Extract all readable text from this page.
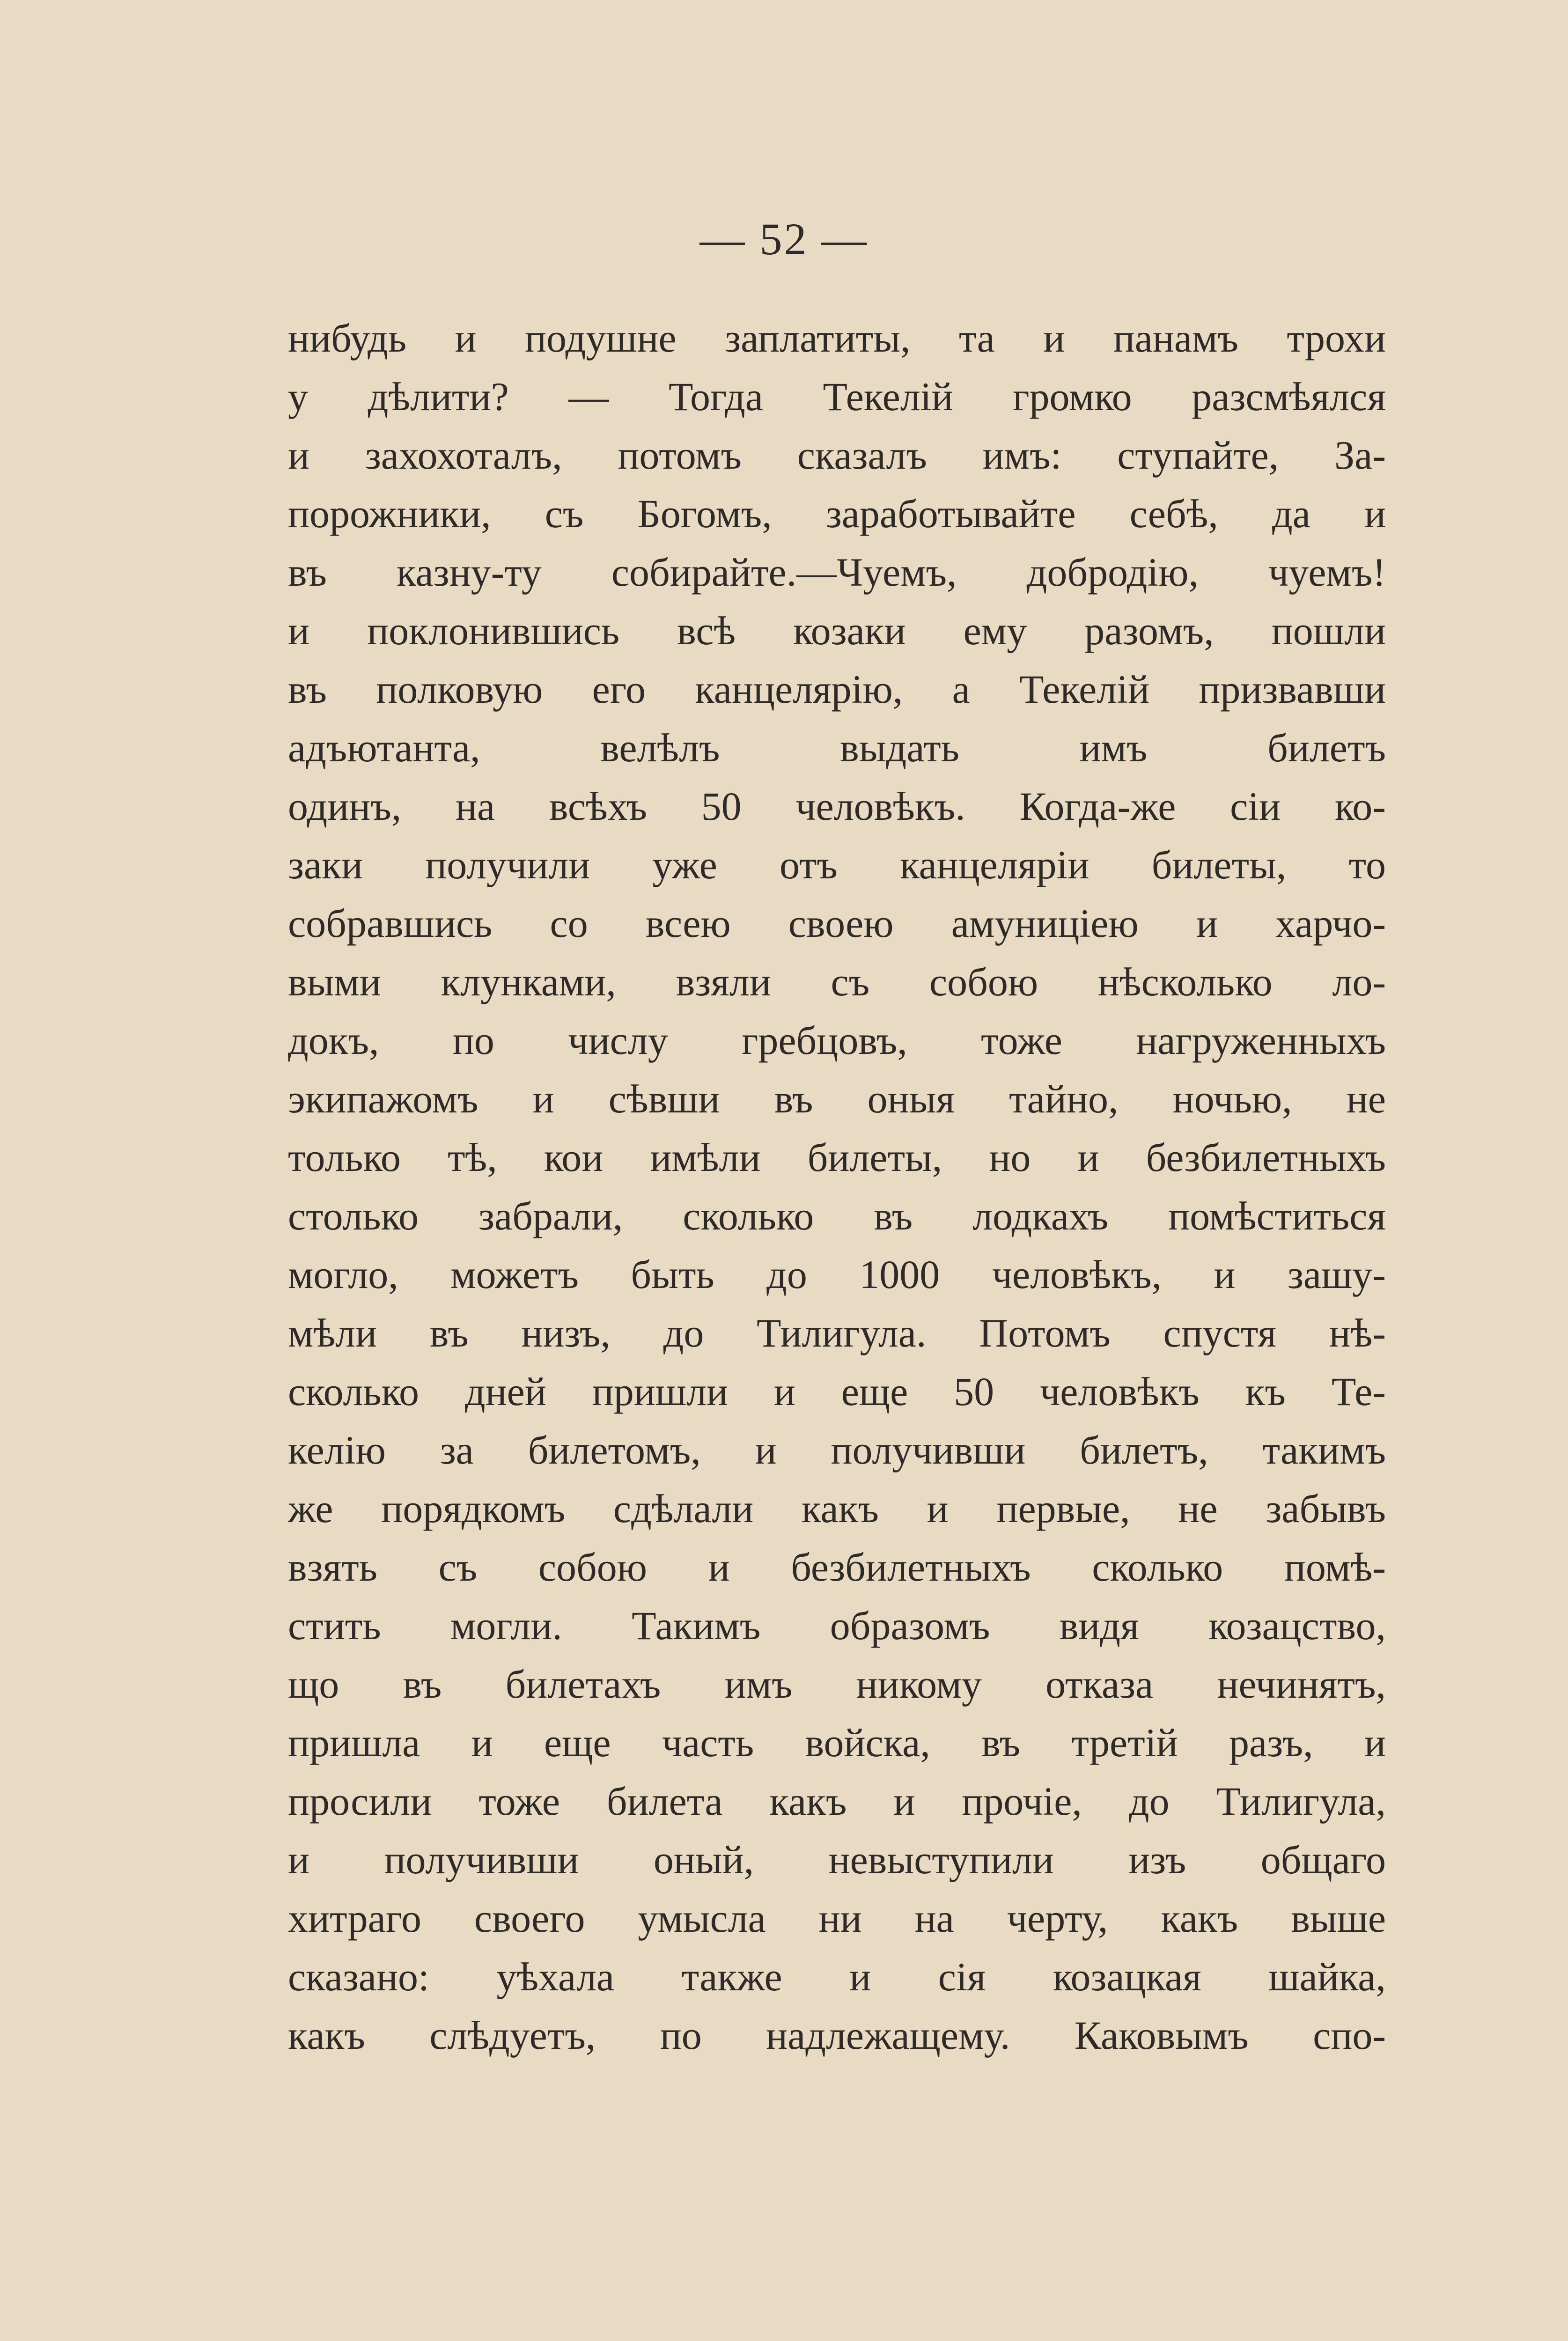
— 52 —
нибудь и подушне заплатиты, та и панамъ трохи
у дѣлити? — Тогда Текелій громко разсмѣялся
и захохоталъ, потомъ сказалъ имъ: ступайте, За-
порожники, съ Богомъ, заработывайте себѣ, да и
въ казну-ту собирайте.—Чуемъ, добродію, чуемъ!
и поклонившись всѣ козаки ему разомъ, пошли
въ полковую его канцелярію, а Текелій призвавши
адъютанта,	велѣлъ	выдать	имъ	билетъ
одинъ, на всѣхъ 50 человѣкъ. Когда-же сіи ко-
заки получили уже отъ канцеляріи билеты, то
собравшись со всею своею амуниціею и харчо-
выми клунками, взяли съ собою нѣсколько ло-
докъ, по числу гребцовъ, тоже нагруженныхъ
экипажомъ и сѣвши въ оныя тайно, ночью, не
только тѣ, кои имѣли билеты, но и безбилетныхъ
столько забрали, сколько въ лодкахъ помѣститься
могло, можетъ быть до 1000 человѣкъ, и зашу-
мѣли въ низъ, до Тилигула. Потомъ спустя нѣ-
сколько дней пришли и еще 50 человѣкъ къ Те-
келію за билетомъ, и получивши билетъ, такимъ
же порядкомъ сдѣлали какъ и первые, не забывъ
взять съ собою и безбилетныхъ сколько помѣ-
стить могли. Такимъ образомъ видя козацство,
що въ билетахъ имъ никому отказа нечинятъ,
пришла и еще часть войска, въ третій разъ, и
просили тоже билета какъ и прочіе, до Тилигула,
и получивши оный, невыступили изъ общаго
хитраго своего умысла ни на черту, какъ выше
сказано: уѣхала также и сія козацкая шайка,
какъ слѣдуетъ, по надлежащему. Каковымъ спо-
